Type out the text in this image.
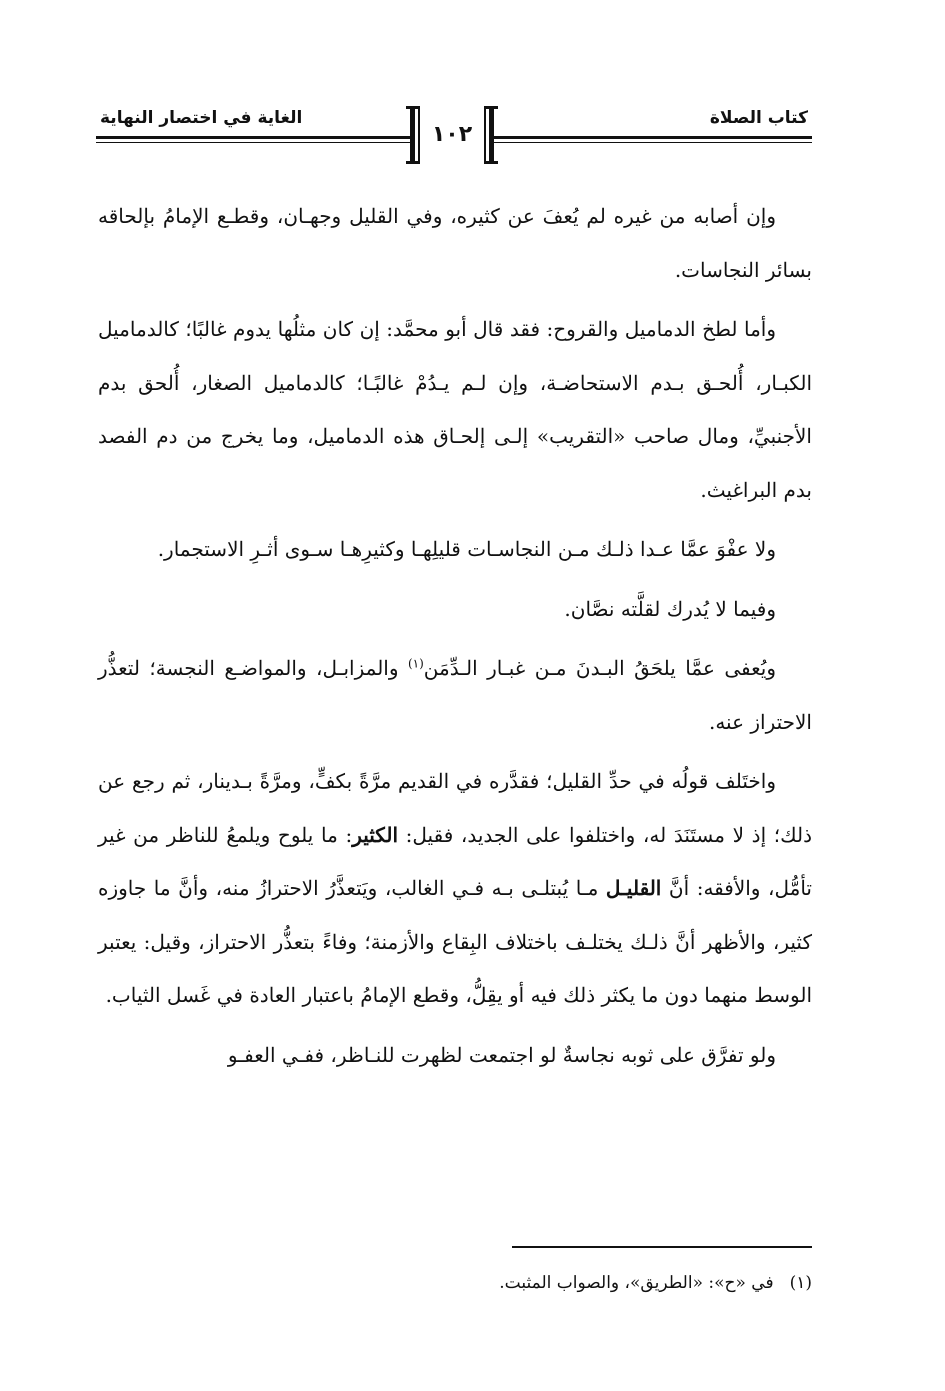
كتاب الصلاة
الغاية في اختصار النهاية
١٠٢

وإن أصابه من غيره لم يُعفَ عن كثيره، وفي القليل وجهـان، وقطـع الإمامُ بإلحاقه بسائر النجاسات.

وأما لطخ الدماميل والقروح: فقد قال أبو محمَّد: إن كان مثلُها يدوم غالبًا؛ كالدماميل الكبـار، أُلحـق بـدم الاستحاضـة، وإن لـم يـدُمْ غالبًـا؛ كالدماميل الصغار، أُلحق بدم الأجنبيِّ، ومال صاحب «التقريب» إلـى إلحـاق هذه الدماميل، وما يخرج من دم الفصد بدم البراغيث.

ولا عفْوَ عمَّا عـدا ذلـك مـن النجاسـات قليلِهـا وكثيرِهـا سـوى أثـرِ الاستجمار.

وفيما لا يُدرك لقلَّته نصَّان.

ويُعفى عمَّا يلحَقُ البـدنَ مـن غبـار الـدِّمَن$^{(١)}$ والمزابـل، والمواضـع النجسة؛ لتعذُّر الاحتراز عنه.

واختَلف قولُه في حدِّ القليل؛ فقدَّره في القديم مرَّةً بكفٍّ، ومرَّةً بـدينار، ثم رجع عن ذلك؛ إذ لا مستَنَدَ له، واختلفوا على الجديد، فقيل: الكثير: ما يلوح ويلمعُ للناظر من غير تأمُّل، والأفقه: أنَّ القليـل مـا يُبتلـى بـه فـي الغالب، ويَتعذَّرُ الاحترازُ منه، وأنَّ ما جاوزه كثير، والأظهر أنَّ ذلـك يختلـف باختلاف البِقاع والأزمنة؛ وفاءً بتعذُّر الاحتراز، وقيل: يعتبر الوسط منهما دون ما يكثر ذلك فيه أو يقِلُّ، وقطع الإمامُ باعتبار العادة في غَسل الثياب.

ولو تفرَّق على ثوبه نجاسةٌ لو اجتمعت لظهرت للنـاظر، ففـي العفـو

(١)في «ح»: «الطريق»، والصواب المثبت.
